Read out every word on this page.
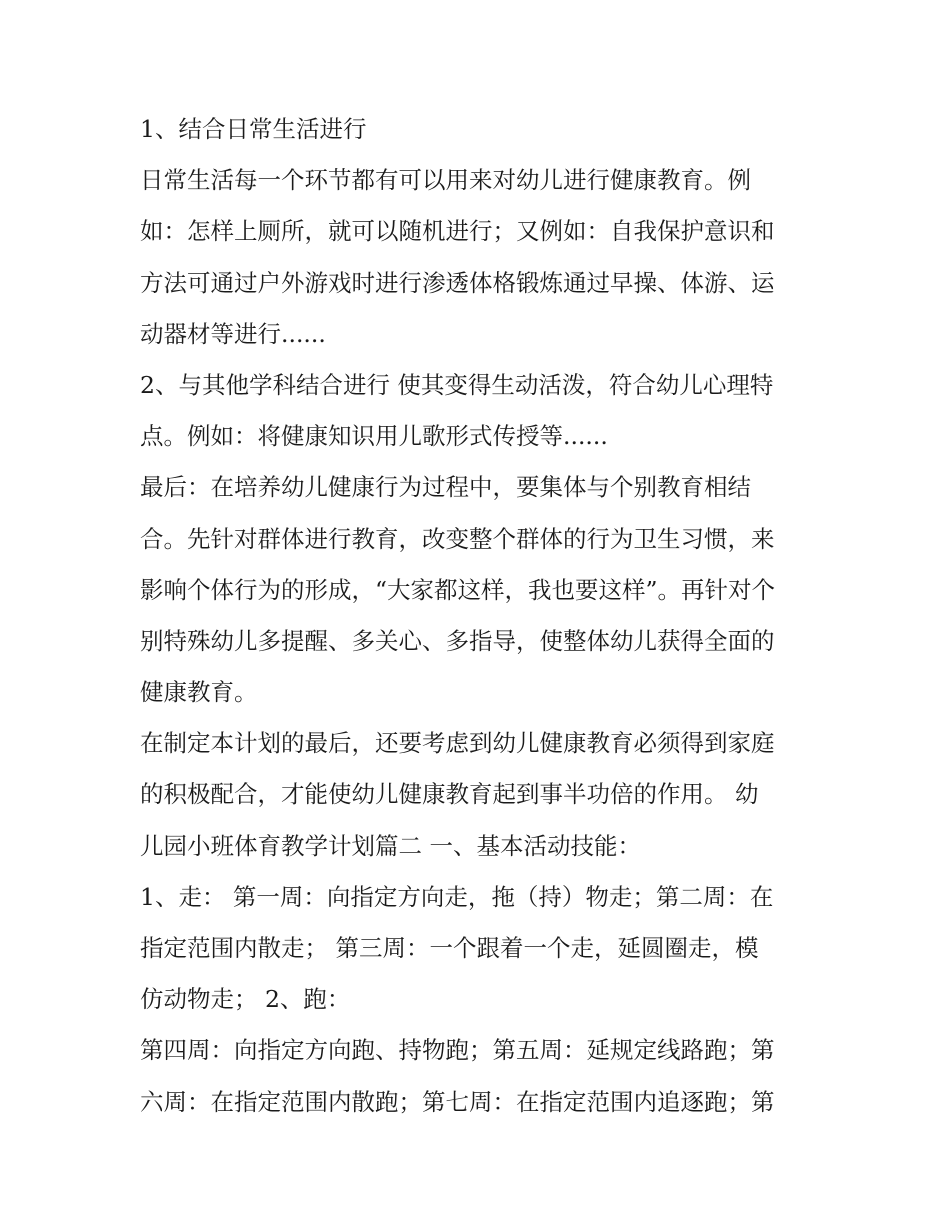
1、结合日常生活进行
日常生活每一个环节都有可以用来对幼儿进行健康教育。例
如：怎样上厕所，就可以随机进行；又例如：自我保护意识和
方法可通过户外游戏时进行渗透体格锻炼通过早操、体游、运
动器材等进行......
2、与其他学科结合进行 使其变得生动活泼，符合幼儿心理特
点。例如：将健康知识用儿歌形式传授等......
最后：在培养幼儿健康行为过程中，要集体与个别教育相结
合。先针对群体进行教育，改变整个群体的行为卫生习惯，来
影响个体行为的形成，“大家都这样，我也要这样”。再针对个
别特殊幼儿多提醒、多关心、多指导，使整体幼儿获得全面的
健康教育。
在制定本计划的最后，还要考虑到幼儿健康教育必须得到家庭
的积极配合，才能使幼儿健康教育起到事半功倍的作用。 幼
儿园小班体育教学计划篇二 一、基本活动技能：
1、走： 第一周：向指定方向走，拖（持）物走；第二周：在
指定范围内散走； 第三周：一个跟着一个走，延圆圈走，模
仿动物走； 2、跑：
第四周：向指定方向跑、持物跑；第五周：延规定线路跑；第
六周：在指定范围内散跑；第七周：在指定范围内追逐跑；第
